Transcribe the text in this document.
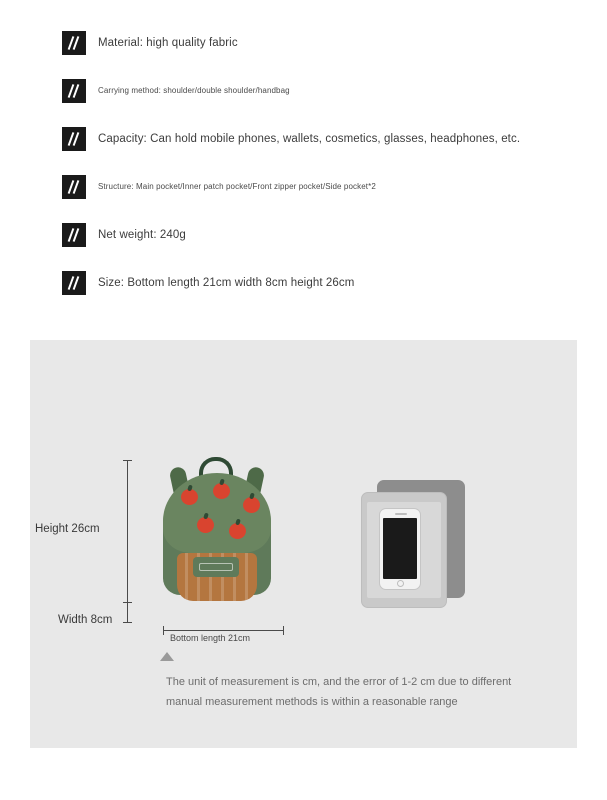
Material: high quality fabric
Carrying method: shoulder/double shoulder/handbag
Capacity: Can hold mobile phones, wallets, cosmetics, glasses, headphones, etc.
Structure: Main pocket/Inner patch pocket/Front zipper pocket/Side pocket*2
Net weight: 240g
Size: Bottom length 21cm width 8cm height 26cm
Height 26cm
Width 8cm
Bottom length 21cm
The unit of measurement is cm, and the error of 1-2 cm due to different manual measurement methods is within a reasonable range
